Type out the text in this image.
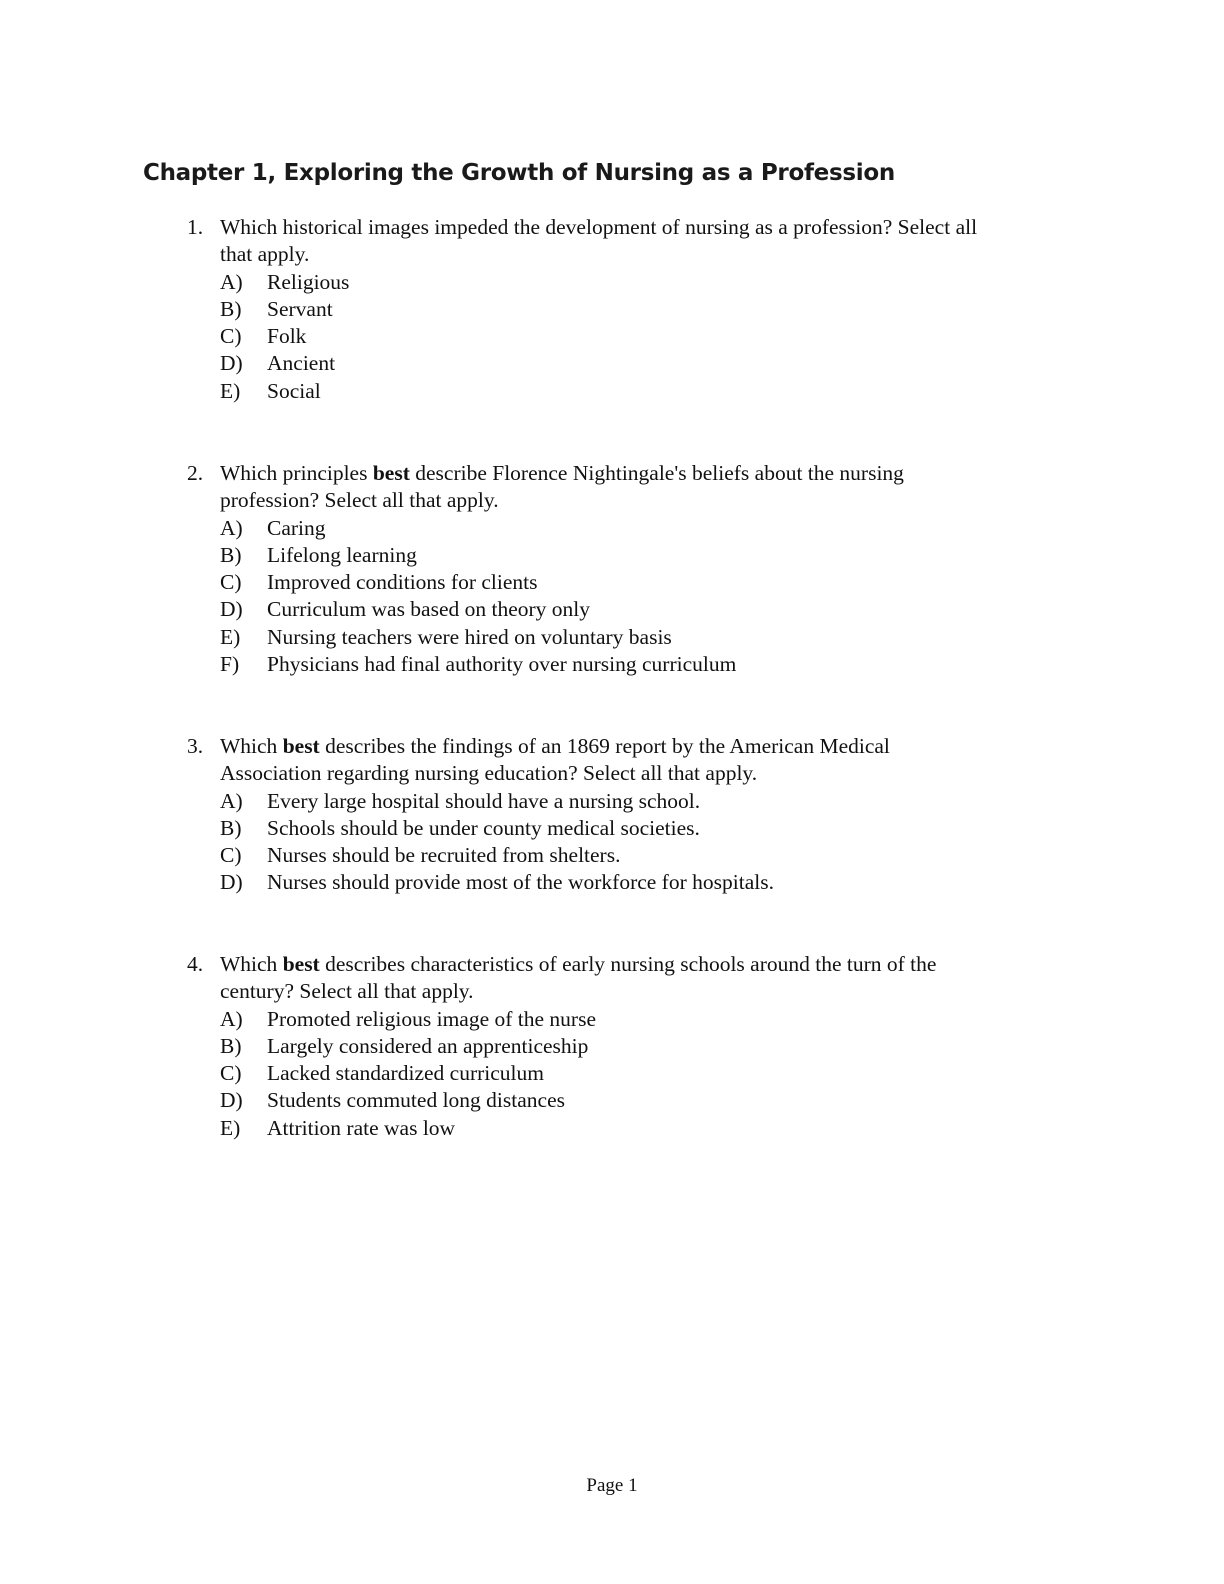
Chapter 1, Exploring the Growth of Nursing as a Profession
1. Which historical images impeded the development of nursing as a profession? Select all
that apply.
A) Religious
B) Servant
C) Folk
D) Ancient
E) Social
2. Which principles best describe Florence Nightingale's beliefs about the nursing
profession? Select all that apply.
A) Caring
B) Lifelong learning
C) Improved conditions for clients
D) Curriculum was based on theory only
E) Nursing teachers were hired on voluntary basis
F) Physicians had final authority over nursing curriculum
3. Which best describes the findings of an 1869 report by the American Medical
Association regarding nursing education? Select all that apply.
A) Every large hospital should have a nursing school.
B) Schools should be under county medical societies.
C) Nurses should be recruited from shelters.
D) Nurses should provide most of the workforce for hospitals.
4. Which best describes characteristics of early nursing schools around the turn of the
century? Select all that apply.
A) Promoted religious image of the nurse
B) Largely considered an apprenticeship
C) Lacked standardized curriculum
D) Students commuted long distances
E) Attrition rate was low
Page 1
